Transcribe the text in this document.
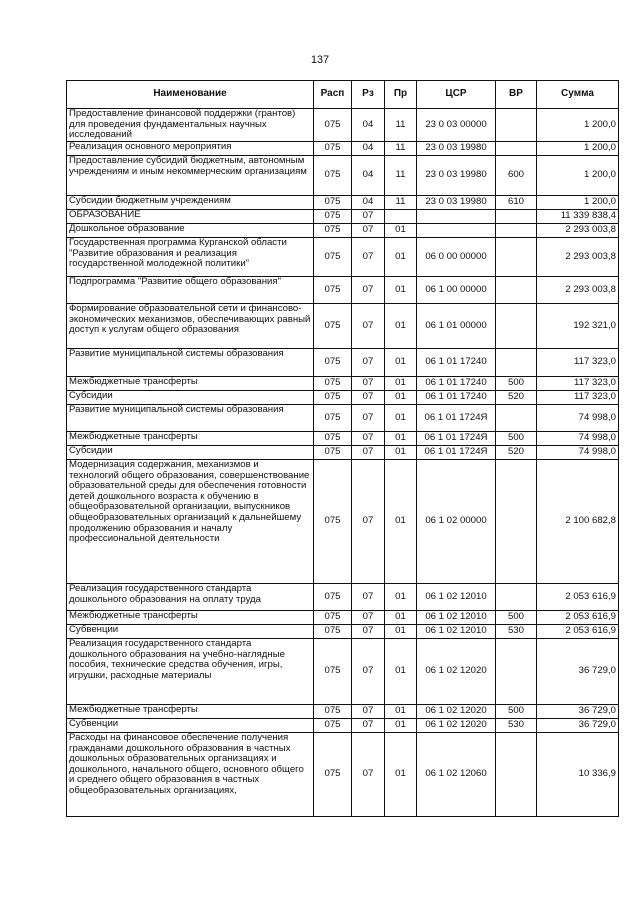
137
Наименование	Расп	Рз	Пр	ЦСР	ВР	Сумма
Предоставление финансовой поддержки (грантов) для проведения фундаментальных научных исследований	075	04	11	23 0 03 00000		1 200,0
Реализация основного мероприятия	075	04	11	23 0 03 19980		1 200,0
Предоставление субсидий бюджетным, автономным учреждениям и иным некоммерческим организациям	075	04	11	23 0 03 19980	600	1 200,0
Субсидии бюджетным учреждениям	075	04	11	23 0 03 19980	610	1 200,0
ОБРАЗОВАНИЕ	075	07				11 339 838,4
Дошкольное образование	075	07	01			2 293 003,8
Государственная программа Курганской области "Развитие образования и реализация государственной молодежной политики"	075	07	01	06 0 00 00000		2 293 003,8
Подпрограмма "Развитие общего образования"	075	07	01	06 1 00 00000		2 293 003,8
Формирование образовательной сети и финансово-экономических механизмов, обеспечивающих равный доступ к услугам общего образования	075	07	01	06 1 01 00000		192 321,0
Развитие муниципальной системы образования	075	07	01	06 1 01 17240		117 323,0
Межбюджетные трансферты	075	07	01	06 1 01 17240	500	117 323,0
Субсидии	075	07	01	06 1 01 17240	520	117 323,0
Развитие муниципальной системы образования	075	07	01	06 1 01 1724Я		74 998,0
Межбюджетные трансферты	075	07	01	06 1 01 1724Я	500	74 998,0
Субсидии	075	07	01	06 1 01 1724Я	520	74 998,0
Модернизация содержания, механизмов и технологий общего образования, совершенствование образовательной среды для обеспечения готовности детей дошкольного возраста к обучению в общеобразовательной организации, выпускников общеобразовательных организаций к дальнейшему продолжению образования и началу профессиональной деятельности	075	07	01	06 1 02 00000		2 100 682,8
Реализация государственного стандарта дошкольного образования на оплату труда	075	07	01	06 1 02 12010		2 053 616,9
Межбюджетные трансферты	075	07	01	06 1 02 12010	500	2 053 616,9
Субвенции	075	07	01	06 1 02 12010	530	2 053 616,9
Реализация государственного стандарта дошкольного образования на учебно-наглядные пособия, технические средства обучения, игры, игрушки, расходные материалы	075	07	01	06 1 02 12020		36 729,0
Межбюджетные трансферты	075	07	01	06 1 02 12020	500	36 729,0
Субвенции	075	07	01	06 1 02 12020	530	36 729,0
Расходы на финансовое обеспечение получения гражданами дошкольного образования в частных дошкольных образовательных организациях и дошкольного, начального общего, основного общего и среднего общего образования в частных общеобразовательных организациях,	075	07	01	06 1 02 12060		10 336,9
